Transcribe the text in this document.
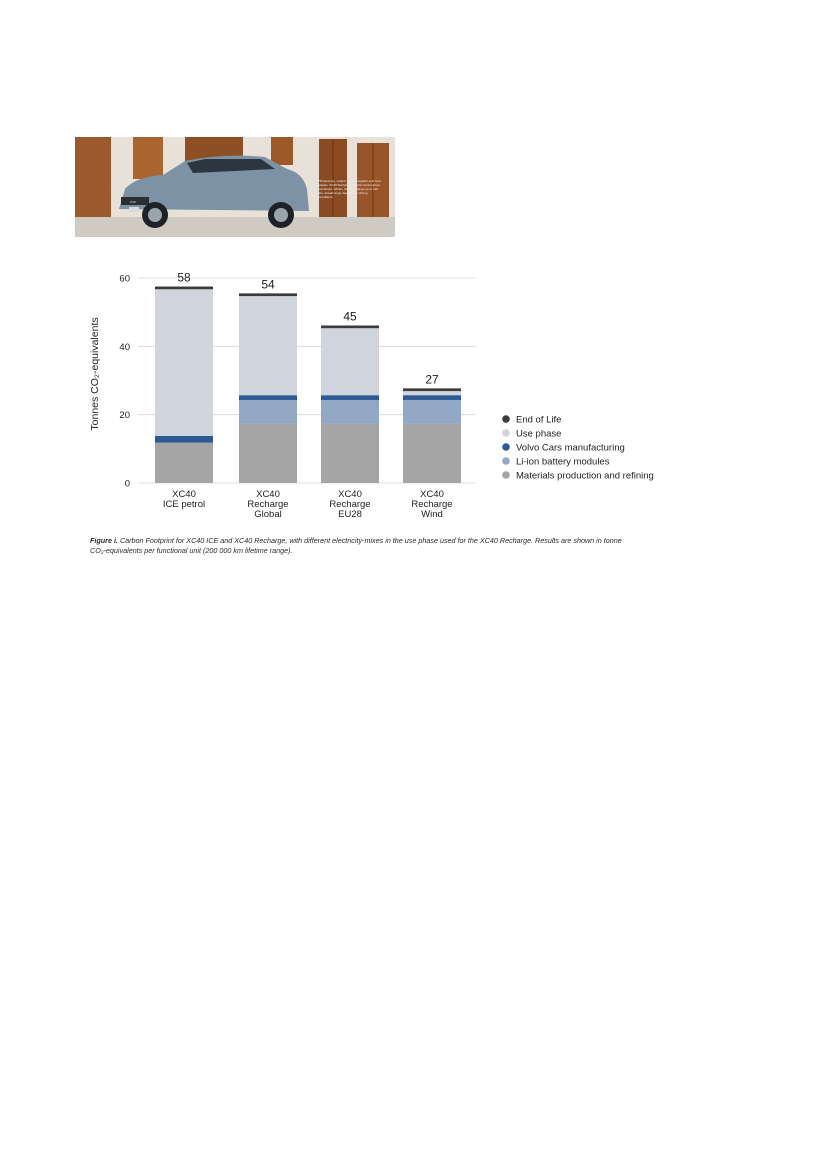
C40
*Preliminary, subject to homologation and final values. XC40 Recharge. Electric consumption, combined, Wh/km (WLTP). Range up to 418 km. Actual range depends on driving conditions.
0
20
40
60	58	54
45
27
XC40
ICE petrol
XC40
Recharge
Global
XC40
Recharge
EU28
XC40
Recharge
Wind
Tonnes CO₂-equivalents	End of Life
Use phase
Volvo Cars manufacturing
Li-ion battery modules
Materials production and refining
Figure i. Carbon Footprint for XC40 ICE and XC40 Recharge, with different electricity-mixes in the use phase used for the XC40 Recharge. Results are shown in tonne CO₂-equivalents per functional unit (200 000 km lifetime range).
